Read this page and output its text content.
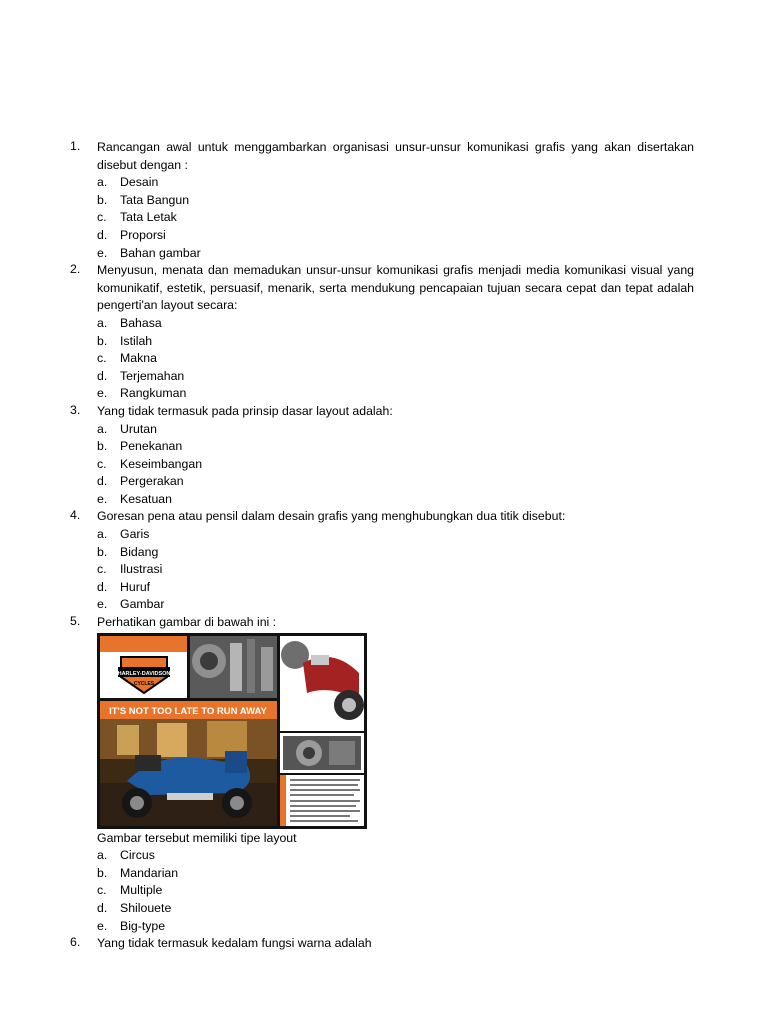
1.	Rancangan awal untuk menggambarkan organisasi unsur-unsur komunikasi grafis yang akan disertakan disebut dengan :
a. Desain
b. Tata Bangun
c. Tata Letak
d. Proporsi
e. Bahan gambar
2.	Menyusun, menata dan memadukan unsur-unsur komunikasi grafis menjadi media komunikasi visual yang komunikatif, estetik, persuasif, menarik, serta mendukung pencapaian tujuan secara cepat dan tepat adalah pengerti'an layout secara:
a. Bahasa
b. Istilah
c. Makna
d. Terjemahan
e. Rangkuman
3.	Yang tidak termasuk pada prinsip dasar layout adalah:
a. Urutan
b. Penekanan
c. Keseimbangan
d. Pergerakan
e. Kesatuan
4.	Goresan pena atau pensil dalam desain grafis yang menghubungkan dua titik disebut:
a. Garis
b. Bidang
c. Ilustrasi
d. Huruf
e. Gambar
5.	Perhatikan gambar di bawah ini :
HARLEY-DAVIDSON
CYCLES
IT'S NOT TOO LATE TO RUN AWAY
Gambar tersebut memiliki tipe layout
a. Circus
b. Mandarian
c. Multiple
d. Shilouete
e. Big-type
6.	Yang tidak termasuk kedalam fungsi warna adalah
